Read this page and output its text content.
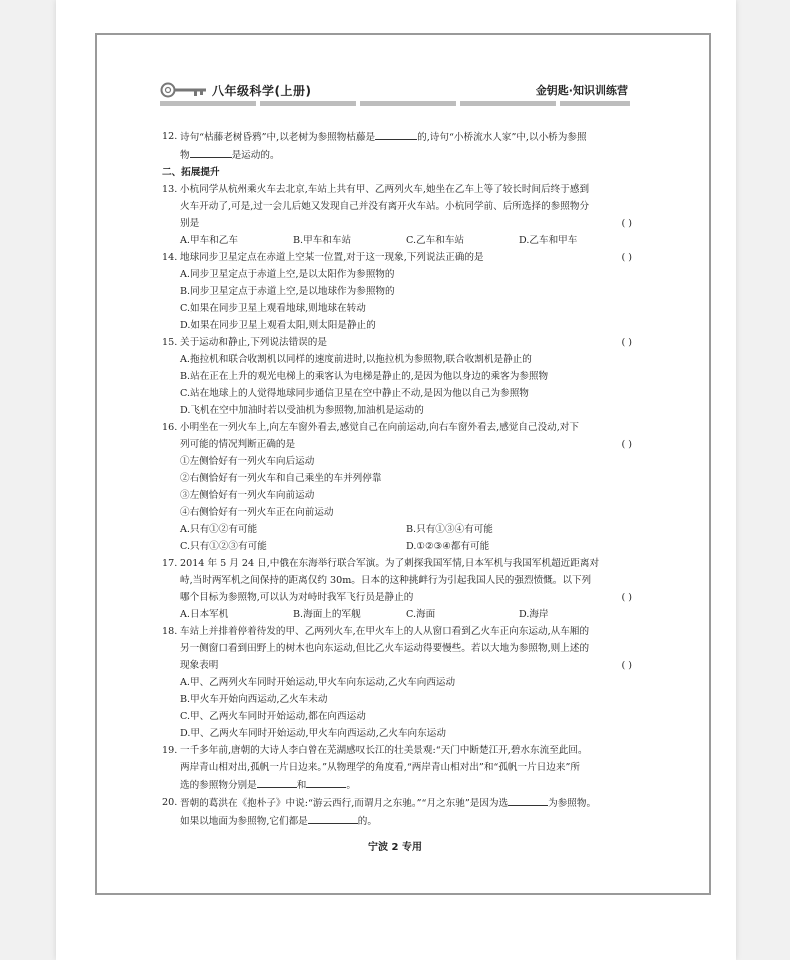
八年级科学(上册)	金钥匙·知识训练营
12. 诗句“枯藤老树昏鸦”中,以老树为参照物枯藤是	的,诗句“小桥流水人家”中,以小桥为参照
物	是运动的。
二、拓展提升
13. 小杭同学从杭州乘火车去北京,车站上共有甲、乙两列火车,她坐在乙车上等了较长时间后终于感到
火车开动了,可是,过一会儿后她又发现自己并没有离开火车站。小杭同学前、后所选择的参照物分
别是	( )
A.甲车和乙车	B.甲车和车站	C.乙车和车站	D.乙车和甲车
14. 地球同步卫星定点在赤道上空某一位置,对于这一现象,下列说法正确的是	( )
A.同步卫星定点于赤道上空,是以太阳作为参照物的
B.同步卫星定点于赤道上空,是以地球作为参照物的
C.如果在同步卫星上观看地球,则地球在转动
D.如果在同步卫星上观看太阳,则太阳是静止的
15. 关于运动和静止,下列说法错误的是	( )
A.拖拉机和联合收割机以同样的速度前进时,以拖拉机为参照物,联合收割机是静止的
B.站在正在上升的观光电梯上的乘客认为电梯是静止的,是因为他以身边的乘客为参照物
C.站在地球上的人觉得地球同步通信卫星在空中静止不动,是因为他以自己为参照物
D.飞机在空中加油时若以受油机为参照物,加油机是运动的
16. 小明坐在一列火车上,向左车窗外看去,感觉自己在向前运动,向右车窗外看去,感觉自己没动,对下
列可能的情况判断正确的是	( )
①左侧恰好有一列火车向后运动
②右侧恰好有一列火车和自己乘坐的车并列停靠
③左侧恰好有一列火车向前运动
④右侧恰好有一列火车正在向前运动
A.只有①②有可能	B.只有①③④有可能
C.只有①②③有可能	D.①②③④都有可能
17. 2014 年 5 月 24 日,中俄在东海举行联合军演。为了刺探我国军情,日本军机与我国军机超近距离对
峙,当时两军机之间保持的距离仅约 30m。日本的这种挑衅行为引起我国人民的强烈愤慨。以下列
哪个目标为参照物,可以认为对峙时我军飞行员是静止的	( )
A.日本军机	B.海面上的军舰	C.海面	D.海岸
18. 车站上并排着停着待发的甲、乙两列火车,在甲火车上的人从窗口看到乙火车正向东运动,从车厢的
另一侧窗口看到田野上的树木也向东运动,但比乙火车运动得要慢些。若以大地为参照物,则上述的
现象表明	( )
A.甲、乙两列火车同时开始运动,甲火车向东运动,乙火车向西运动
B.甲火车开始向西运动,乙火车未动
C.甲、乙两火车同时开始运动,都在向西运动
D.甲、乙两火车同时开始运动,甲火车向西运动,乙火车向东运动
19. 一千多年前,唐朝的大诗人李白曾在芜湖感叹长江的壮美景观:“天门中断楚江开,碧水东流至此回。
两岸青山相对出,孤帆一片日边来。”从物理学的角度看,“两岸青山相对出”和“孤帆一片日边来”所
选的参照物分别是	和	。
20. 晋朝的葛洪在《抱朴子》中说:“游云西行,而谓月之东驰。”“月之东驰”是因为选	为参照物。
如果以地面为参照物,它们都是	的。
宁波 2 专用
